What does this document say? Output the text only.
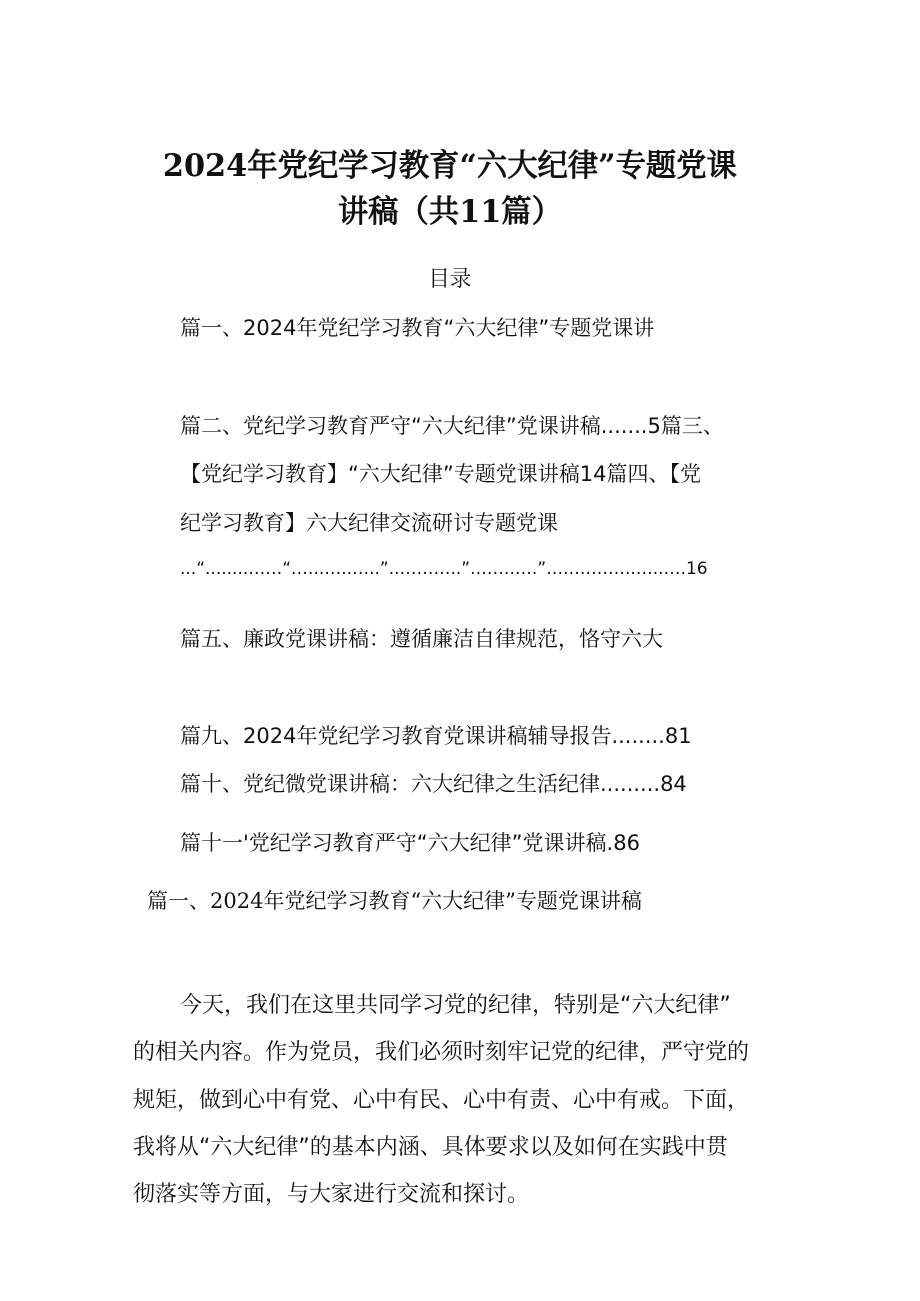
2024年党纪学习教育“六大纪律”专题党课

讲稿（共11篇）

目录

篇一、2024年党纪学习教育“六大纪律”专题党课讲

篇二、党纪学习教育严守“六大纪律”党课讲稿.......5篇三、

【党纪学习教育】“六大纪律”专题党课讲稿14篇四、【党

纪学习教育】六大纪律交流研讨专题党课

...“........……“.…..…..…..”..………..”.…….….”….….……..…..….16

篇五、廉政党课讲稿：遵循廉洁自律规范，恪守六大

篇九、2024年党纪学习教育党课讲稿辅导报告........81

篇十、党纪微党课讲稿：六大纪律之生活纪律.........84

篇十一'党纪学习教育严守“六大纪律”党课讲稿.86

篇一、2024年党纪学习教育“六大纪律”专题党课讲稿

今天，我们在这里共同学习党的纪律，特别是“六大纪律”

的相关内容。作为党员，我们必须时刻牢记党的纪律，严守党的

规矩，做到心中有党、心中有民、心中有责、心中有戒。下面，

我将从“六大纪律”的基本内涵、具体要求以及如何在实践中贯

彻落实等方面，与大家进行交流和探讨。
